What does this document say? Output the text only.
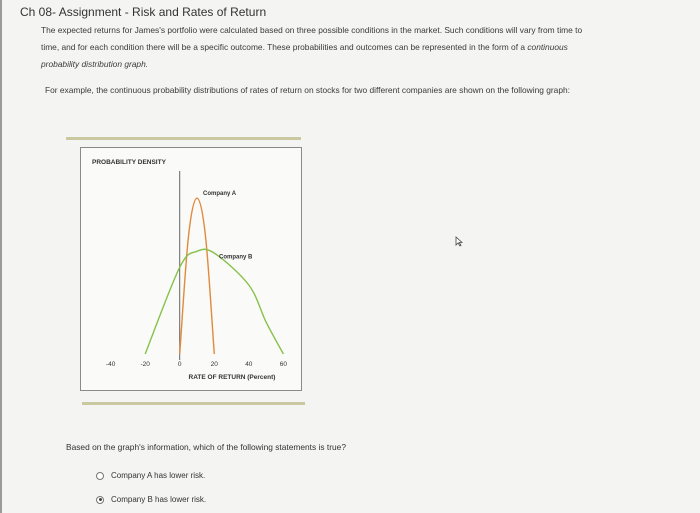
Ch 08- Assignment - Risk and Rates of Return
The expected returns for James's portfolio were calculated based on three possible conditions in the market. Such conditions will vary from time to
time, and for each condition there will be a specific outcome. These probabilities and outcomes can be represented in the form of a continuous
probability distribution graph.
For example, the continuous probability distributions of rates of return on stocks for two different companies are shown on the following graph:
PROBABILITY DENSITY
-40	-20	0	20	40	60
Company A
Company B
RATE OF RETURN (Percent)
Based on the graph's information, which of the following statements is true?
Company A has lower risk.
Company B has lower risk.
